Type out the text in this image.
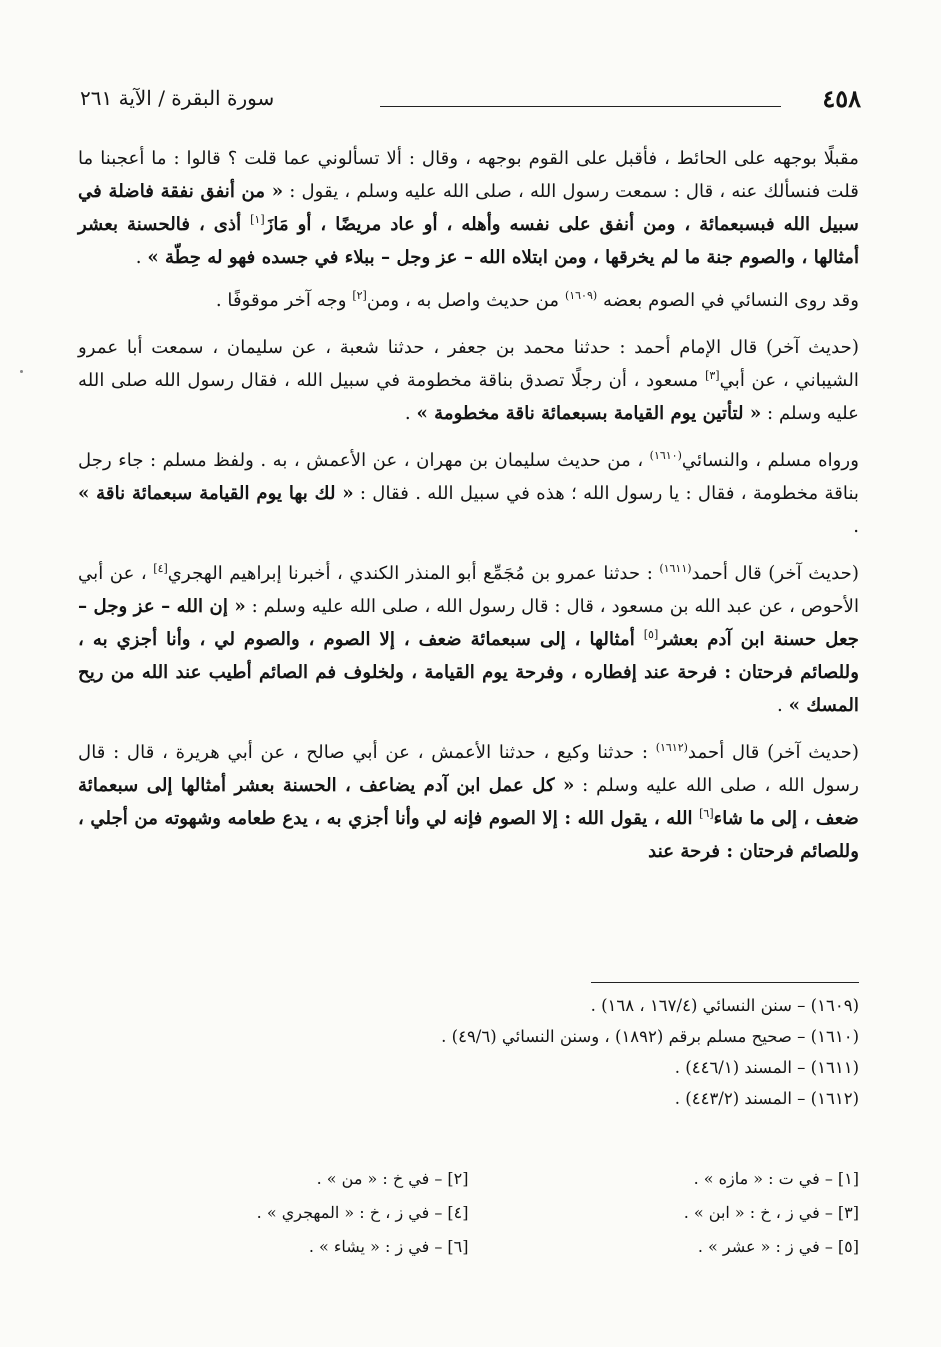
٤٥٨
سورة البقرة / الآية ٢٦١

مقبلًا بوجهه على الحائط ، فأقبل على القوم بوجهه ، وقال : ألا تسألوني عما قلت ؟ قالوا : ما أعجبنا ما قلت فنسألك عنه ، قال : سمعت رسول الله ، صلى الله عليه وسلم ، يقول : « من أنفق نفقة فاضلة في سبيل الله فبسبعمائة ، ومن أنفق على نفسه وأهله ، أو عاد مريضًا ، أو مَازَ[١] أذى ، فالحسنة بعشر أمثالها ، والصوم جنة ما لم يخرقها ، ومن ابتلاه الله – عز وجل – ببلاء في جسده فهو له حِطّة » .

وقد روى النسائي في الصوم بعضه $^{(١٦٠٩)}$ من حديث واصل به ، ومن[٢] وجه آخر موقوفًا .

(حديث آخر) قال الإمام أحمد : حدثنا محمد بن جعفر ، حدثنا شعبة ، عن سليمان ، سمعت أبا عمرو الشيباني ، عن أبي[٣] مسعود ، أن رجلًا تصدق بناقة مخطومة في سبيل الله ، فقال رسول الله صلى الله عليه وسلم : « لتأتين يوم القيامة بسبعمائة ناقة مخطومة » .

ورواه مسلم ، والنسائي$^{(١٦١٠)}$ ، من حديث سليمان بن مهران ، عن الأعمش ، به . ولفظ مسلم : جاء رجل بناقة مخطومة ، فقال : يا رسول الله ؛ هذه في سبيل الله . فقال : « لك بها يوم القيامة سبعمائة ناقة » .

(حديث آخر) قال أحمد$^{(١٦١١)}$ : حدثنا عمرو بن مُجَمِّع أبو المنذر الكندي ، أخبرنا إبراهيم الهجري[٤] ، عن أبي الأحوص ، عن عبد الله بن مسعود ، قال : قال رسول الله ، صلى الله عليه وسلم : « إن الله – عز وجل – جعل حسنة ابن آدم بعشر[٥] أمثالها ، إلى سبعمائة ضعف ، إلا الصوم ، والصوم لي ، وأنا أجزي به ، وللصائم فرحتان : فرحة عند إفطاره ، وفرحة يوم القيامة ، ولخلوف فم الصائم أطيب عند الله من ريح المسك » .

(حديث آخر) قال أحمد$^{(١٦١٢)}$ : حدثنا وكيع ، حدثنا الأعمش ، عن أبي صالح ، عن أبي هريرة ، قال : قال رسول الله ، صلى الله عليه وسلم : « كل عمل ابن آدم يضاعف ، الحسنة بعشر أمثالها إلى سبعمائة ضعف ، إلى ما شاء[٦] الله ، يقول الله : إلا الصوم فإنه لي وأنا أجزي به ، يدع طعامه وشهوته من أجلي ، وللصائم فرحتان : فرحة عند

(١٦٠٩) – سنن النسائي (١٦٧/٤ ، ١٦٨) .
(١٦١٠) – صحيح مسلم برقم (١٨٩٢) ، وسنن النسائي (٤٩/٦) .
(١٦١١) – المسند (٤٤٦/١) .
(١٦١٢) – المسند (٤٤٣/٢) .
[١] – في ت : « مازه » .
[٢] – في خ : « من » .
[٣] – في ز ، خ : « ابن » .
[٤] – في ز ، خ : « المهجري » .
[٥] – في ز : « عشر » .
[٦] – في ز : « يشاء » .
